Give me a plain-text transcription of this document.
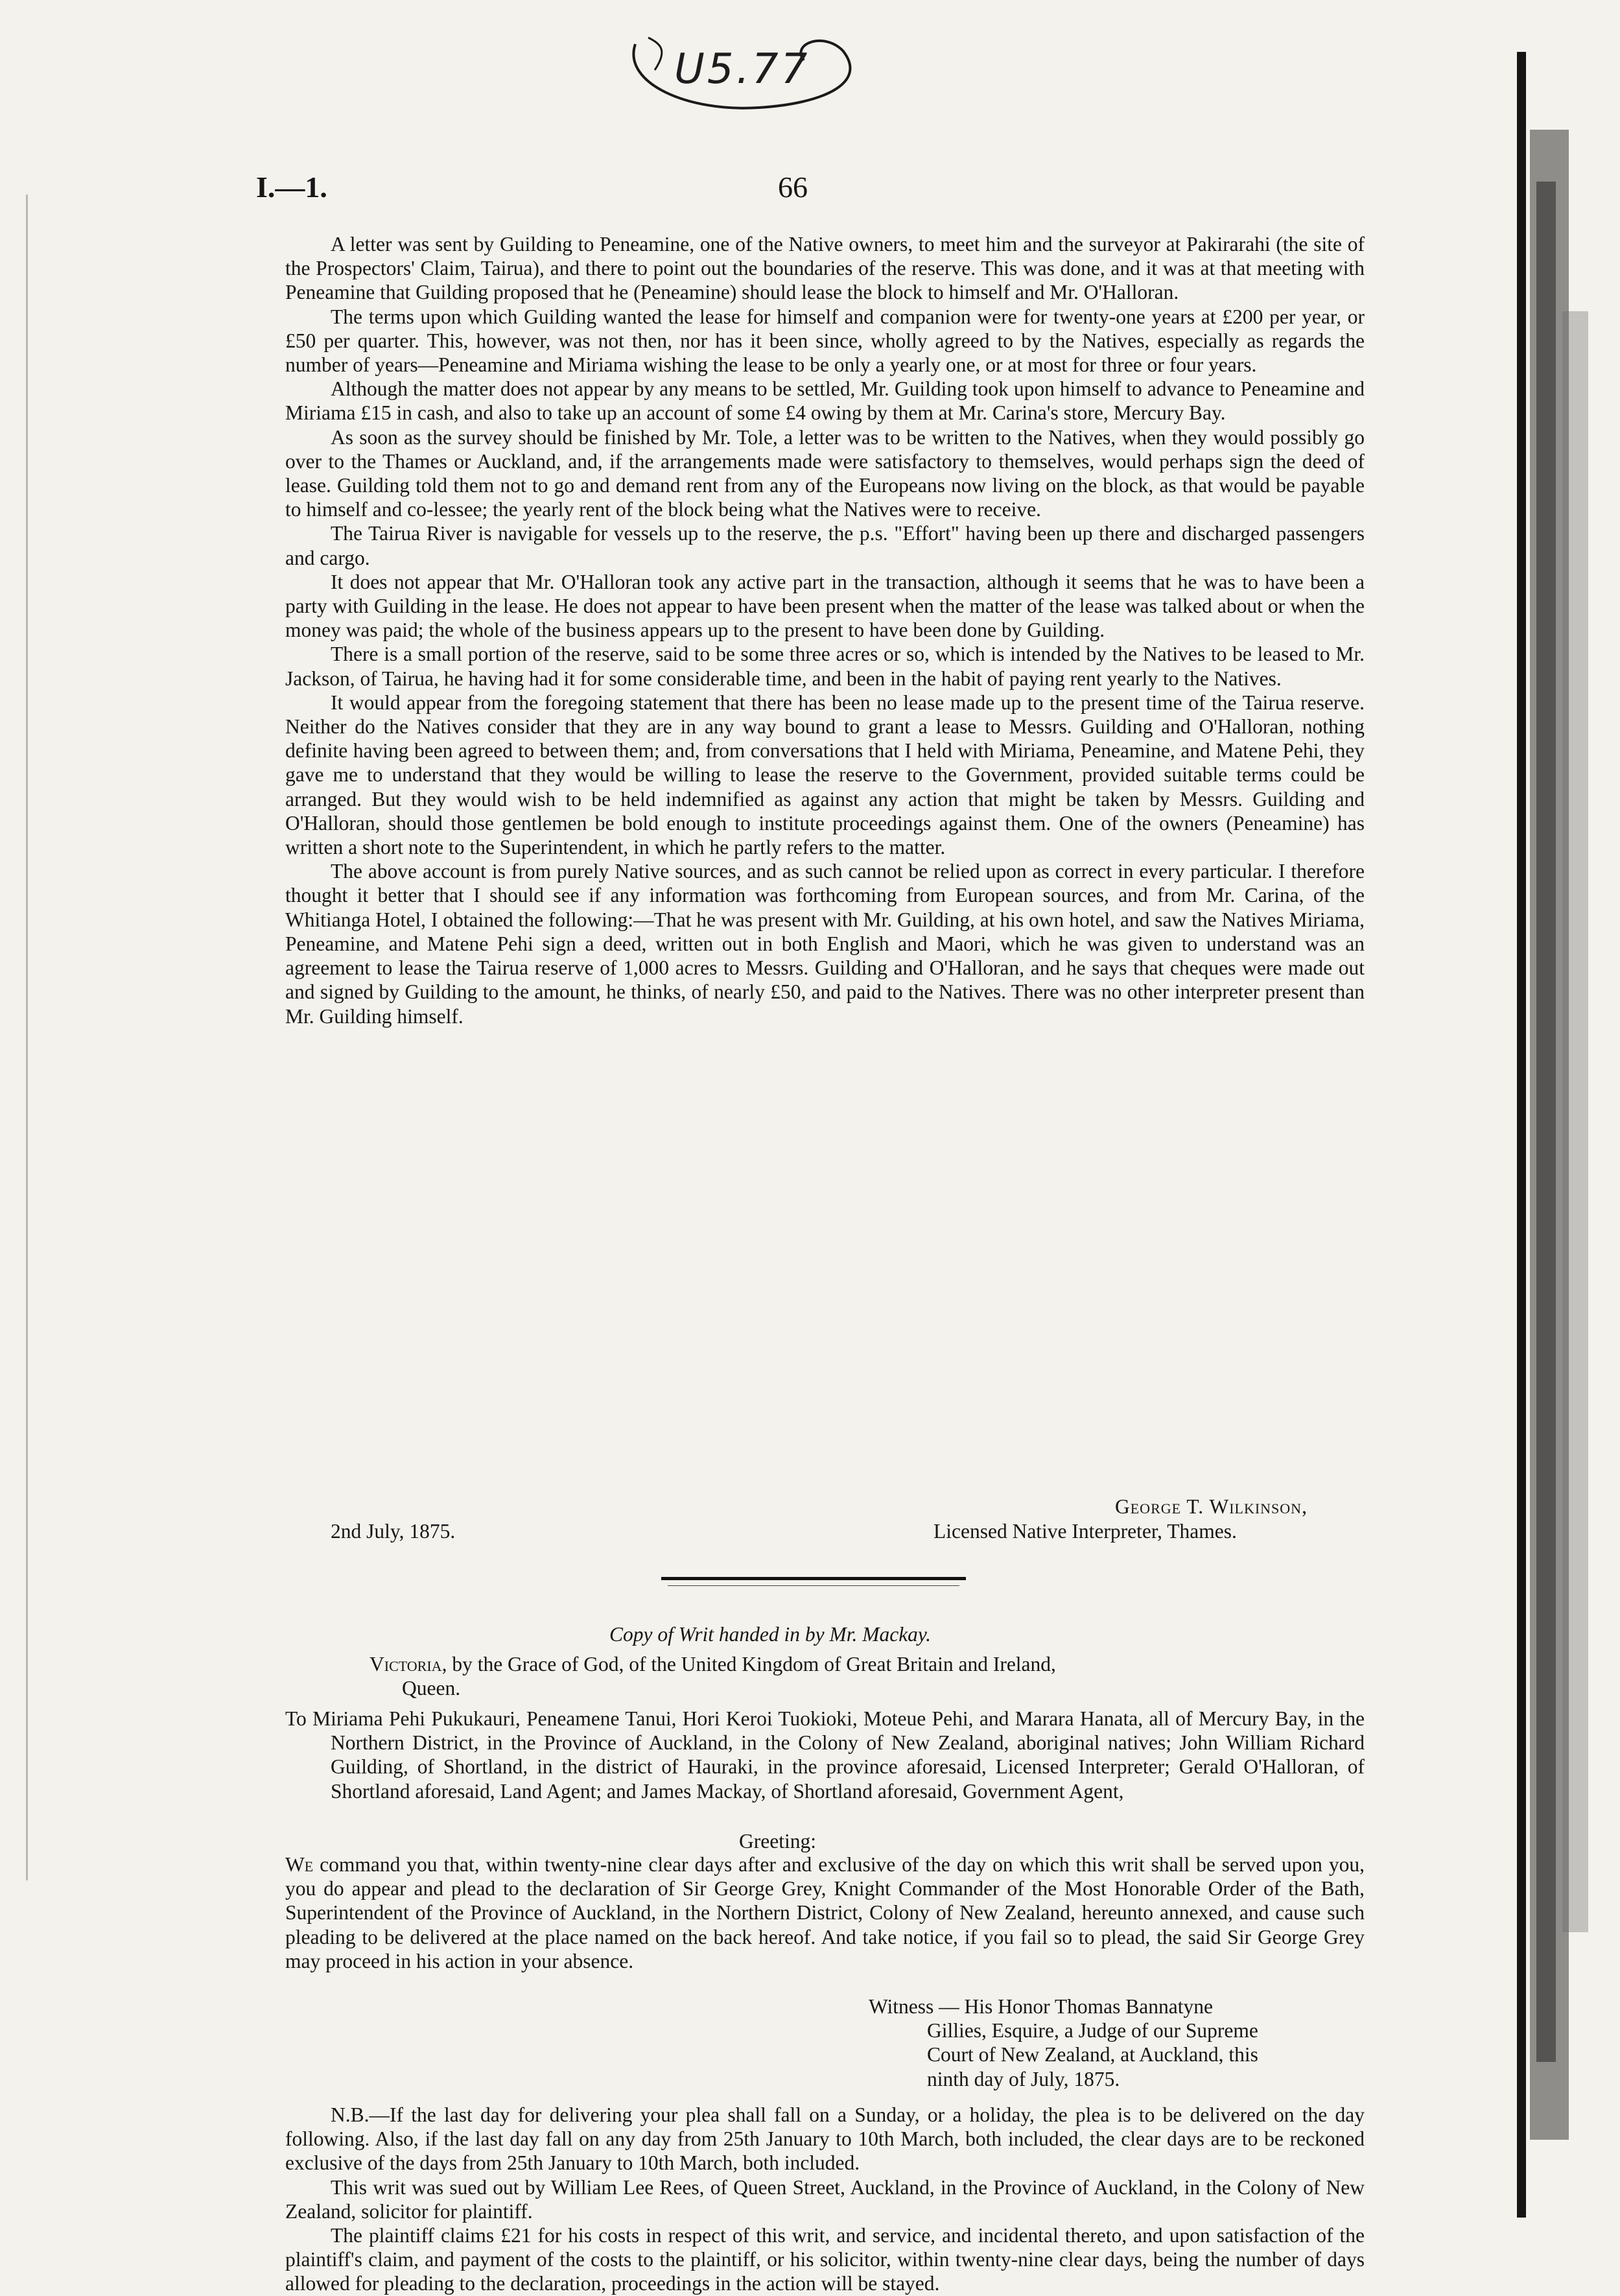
U5.77
I.—1.	66

A letter was sent by Guilding to Peneamine, one of the Native owners, to meet him and the surveyor at Pakirarahi (the site of the Prospectors' Claim, Tairua), and there to point out the boundaries of the reserve. This was done, and it was at that meeting with Peneamine that Guilding proposed that he (Peneamine) should lease the block to himself and Mr. O'Halloran.

The terms upon which Guilding wanted the lease for himself and companion were for twenty-one years at £200 per year, or £50 per quarter. This, however, was not then, nor has it been since, wholly agreed to by the Natives, especially as regards the number of years—Peneamine and Miriama wishing the lease to be only a yearly one, or at most for three or four years.

Although the matter does not appear by any means to be settled, Mr. Guilding took upon himself to advance to Peneamine and Miriama £15 in cash, and also to take up an account of some £4 owing by them at Mr. Carina's store, Mercury Bay.

As soon as the survey should be finished by Mr. Tole, a letter was to be written to the Natives, when they would possibly go over to the Thames or Auckland, and, if the arrangements made were satisfactory to themselves, would perhaps sign the deed of lease. Guilding told them not to go and demand rent from any of the Europeans now living on the block, as that would be payable to himself and co-lessee; the yearly rent of the block being what the Natives were to receive.

The Tairua River is navigable for vessels up to the reserve, the p.s. "Effort" having been up there and discharged passengers and cargo.

It does not appear that Mr. O'Halloran took any active part in the transaction, although it seems that he was to have been a party with Guilding in the lease. He does not appear to have been present when the matter of the lease was talked about or when the money was paid; the whole of the business appears up to the present to have been done by Guilding.

There is a small portion of the reserve, said to be some three acres or so, which is intended by the Natives to be leased to Mr. Jackson, of Tairua, he having had it for some considerable time, and been in the habit of paying rent yearly to the Natives.

It would appear from the foregoing statement that there has been no lease made up to the present time of the Tairua reserve. Neither do the Natives consider that they are in any way bound to grant a lease to Messrs. Guilding and O'Halloran, nothing definite having been agreed to between them; and, from conversations that I held with Miriama, Peneamine, and Matene Pehi, they gave me to understand that they would be willing to lease the reserve to the Government, provided suitable terms could be arranged. But they would wish to be held indemnified as against any action that might be taken by Messrs. Guilding and O'Halloran, should those gentlemen be bold enough to institute proceedings against them. One of the owners (Peneamine) has written a short note to the Superintendent, in which he partly refers to the matter.

The above account is from purely Native sources, and as such cannot be relied upon as correct in every particular. I therefore thought it better that I should see if any information was forthcoming from European sources, and from Mr. Carina, of the Whitianga Hotel, I obtained the following:—That he was present with Mr. Guilding, at his own hotel, and saw the Natives Miriama, Peneamine, and Matene Pehi sign a deed, written out in both English and Maori, which he was given to understand was an agreement to lease the Tairua reserve of 1,000 acres to Messrs. Guilding and O'Halloran, and he says that cheques were made out and signed by Guilding to the amount, he thinks, of nearly £50, and paid to the Natives. There was no other interpreter present than Mr. Guilding himself.

George T. Wilkinson,
2nd July, 1875.	Licensed Native Interpreter, Thames.
Copy of Writ handed in by Mr. Mackay.
Victoria, by the Grace of God, of the United Kingdom of Great Britain and Ireland,
Queen.
To Miriama Pehi Pukukauri, Peneamene Tanui, Hori Keroi Tuokioki, Moteue Pehi, and Marara Hanata, all of Mercury Bay, in the Northern District, in the Province of Auckland, in the Colony of New Zealand, aboriginal natives; John William Richard Guilding, of Shortland, in the district of Hauraki, in the province aforesaid, Licensed Interpreter; Gerald O'Halloran, of Shortland aforesaid, Land Agent; and James Mackay, of Shortland aforesaid, Government Agent,
Greeting:
We command you that, within twenty-nine clear days after and exclusive of the day on which this writ shall be served upon you, you do appear and plead to the declaration of Sir George Grey, Knight Commander of the Most Honorable Order of the Bath, Superintendent of the Province of Auckland, in the Northern District, Colony of New Zealand, hereunto annexed, and cause such pleading to be delivered at the place named on the back hereof. And take notice, if you fail so to plead, the said Sir George Grey may proceed in his action in your absence.
Witness — His Honor Thomas Bannatyne
Gillies, Esquire, a Judge of our Supreme
Court of New Zealand, at Auckland, this
ninth day of July, 1875.

N.B.—If the last day for delivering your plea shall fall on a Sunday, or a holiday, the plea is to be delivered on the day following. Also, if the last day fall on any day from 25th January to 10th March, both included, the clear days are to be reckoned exclusive of the days from 25th January to 10th March, both included.

This writ was sued out by William Lee Rees, of Queen Street, Auckland, in the Province of Auckland, in the Colony of New Zealand, solicitor for plaintiff.

The plaintiff claims £21 for his costs in respect of this writ, and service, and incidental thereto, and upon satisfaction of the plaintiff's claim, and payment of the costs to the plaintiff, or his solicitor, within twenty-nine clear days, being the number of days allowed for pleading to the declaration, proceedings in the action will be stayed.
